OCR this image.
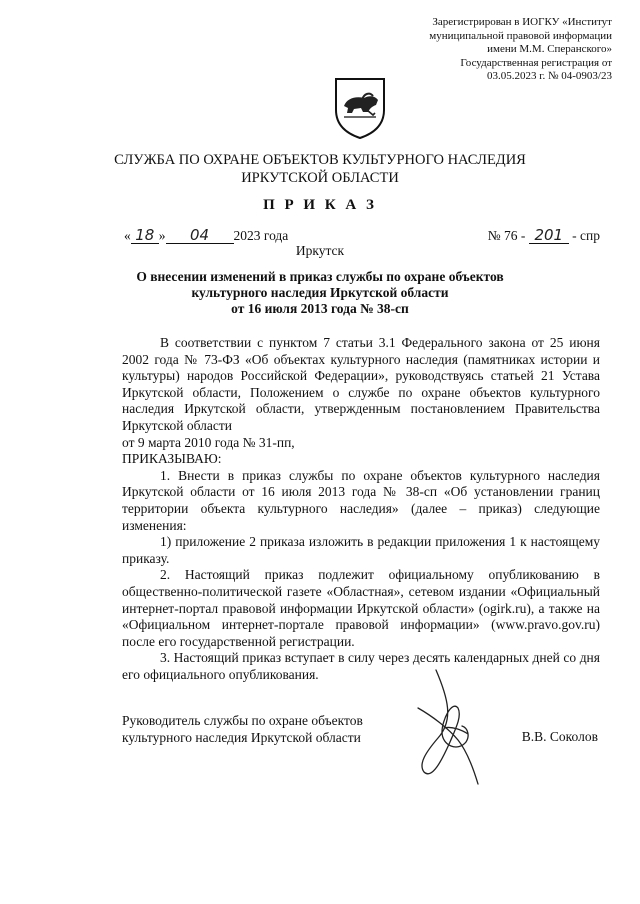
Зарегистрирован в ИОГКУ «Институт
муниципальной правовой информации
имени М.М. Сперанского»
Государственная регистрация от
03.05.2023 г. № 04-0903/23
СЛУЖБА ПО ОХРАНЕ ОБЪЕКТОВ КУЛЬТУРНОГО НАСЛЕДИЯ
ИРКУТСКОЙ ОБЛАСТИ
П Р И К А З
« 18 » 04 2023 года	№ 76 - 201 - спр
Иркутск
О внесении изменений в приказ службы по охране объектов
культурного наследия Иркутской области
от 16 июля 2013 года № 38-сп

В соответствии с пунктом 7 статьи 3.1 Федерального закона от 25 июня 2002 года № 73-ФЗ «Об объектах культурного наследия (памятниках истории и культуры) народов Российской Федерации», руководствуясь статьей 21 Устава Иркутской области, Положением о службе по охране объектов культурного наследия Иркутской области, утвержденным постановлением Правительства Иркутской области

от 9 марта 2010 года № 31-пп,

ПРИКАЗЫВАЮ:

1. Внести в приказ службы по охране объектов культурного наследия Иркутской области от 16 июля 2013 года № 38-сп «Об установлении границ территории объекта культурного наследия» (далее – приказ) следующие изменения:

1) приложение 2 приказа изложить в редакции приложения 1 к настоящему приказу.

2. Настоящий приказ подлежит официальному опубликованию в общественно-политической газете «Областная», сетевом издании «Официальный интернет-портал правовой информации Иркутской области» (ogirk.ru), а также на «Официальном интернет-портале правовой информации» (www.pravo.gov.ru) после его государственной регистрации.

3. Настоящий приказ вступает в силу через десять календарных дней со дня его официального опубликования.

Руководитель службы по охране объектов
культурного наследия Иркутской области	В.В. Соколов
